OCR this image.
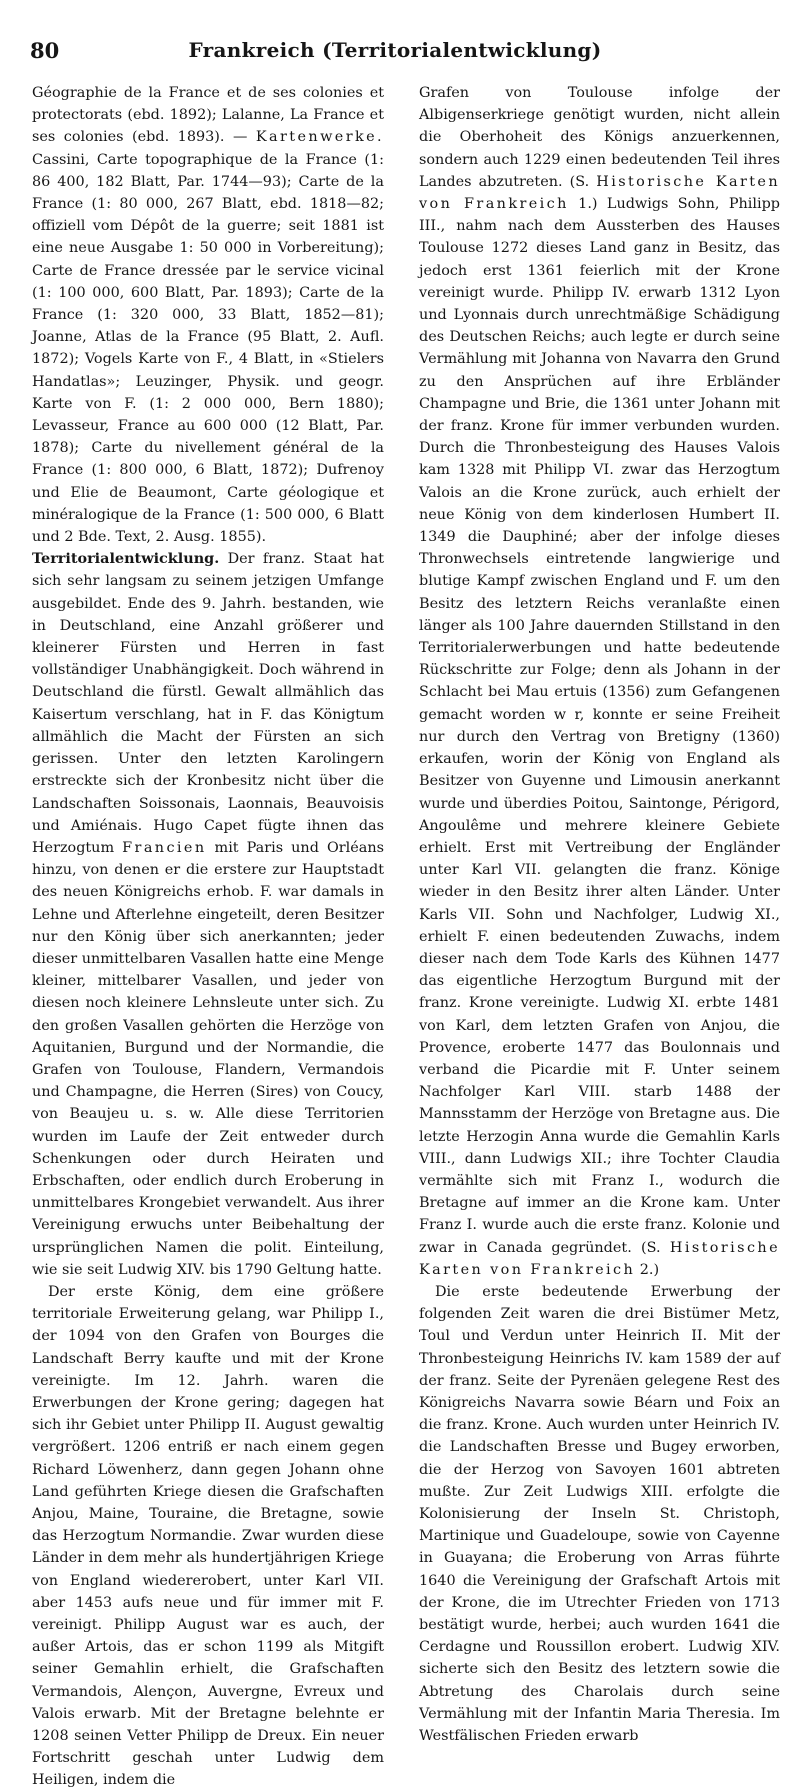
80	Frankreich (Territorialentwicklung)

Géographie de la France et de ses colonies et protectorats (ebd. 1892); Lalanne, La France et ses colonies (ebd. 1893). — Kartenwerke. Cassini, Carte topographique de la France (1: 86 400, 182 Blatt, Par. 1744—93); Carte de la France (1: 80 000, 267 Blatt, ebd. 1818—82; offiziell vom Dépôt de la guerre; seit 1881 ist eine neue Ausgabe 1: 50 000 in Vorbereitung); Carte de France dressée par le service vicinal (1: 100 000, 600 Blatt, Par. 1893); Carte de la France (1: 320 000, 33 Blatt, 1852—81); Joanne, Atlas de la France (95 Blatt, 2. Aufl. 1872); Vogels Karte von F., 4 Blatt, in «Stielers Handatlas»; Leuzinger, Physik. und geogr. Karte von F. (1: 2 000 000, Bern 1880); Levasseur, France au 600 000 (12 Blatt, Par. 1878); Carte du nivellement général de la France (1: 800 000, 6 Blatt, 1872); Dufrenoy und Elie de Beaumont, Carte géologique et minéralogique de la France (1: 500 000, 6 Blatt und 2 Bde. Text, 2. Ausg. 1855).

Territorialentwicklung. Der franz. Staat hat sich sehr langsam zu seinem jetzigen Umfange ausgebildet. Ende des 9. Jahrh. bestanden, wie in Deutschland, eine Anzahl größerer und kleinerer Fürsten und Herren in fast vollständiger Unabhängigkeit. Doch während in Deutschland die fürstl. Gewalt allmählich das Kaisertum verschlang, hat in F. das Königtum allmählich die Macht der Fürsten an sich gerissen. Unter den letzten Karolingern erstreckte sich der Kronbesitz nicht über die Landschaften Soissonais, Laonnais, Beauvoisis und Amiénais. Hugo Capet fügte ihnen das Herzogtum Francien mit Paris und Orléans hinzu, von denen er die erstere zur Hauptstadt des neuen Königreichs erhob. F. war damals in Lehne und Afterlehne eingeteilt, deren Besitzer nur den König über sich anerkannten; jeder dieser unmittelbaren Vasallen hatte eine Menge kleiner, mittelbarer Vasallen, und jeder von diesen noch kleinere Lehnsleute unter sich. Zu den großen Vasallen gehörten die Herzöge von Aquitanien, Burgund und der Normandie, die Grafen von Toulouse, Flandern, Vermandois und Champagne, die Herren (Sires) von Coucy, von Beaujeu u. s. w. Alle diese Territorien wurden im Laufe der Zeit entweder durch Schenkungen oder durch Heiraten und Erbschaften, oder endlich durch Eroberung in unmittelbares Krongebiet verwandelt. Aus ihrer Vereinigung erwuchs unter Beibehaltung der ursprünglichen Namen die polit. Einteilung, wie sie seit Ludwig XIV. bis 1790 Geltung hatte.

Der erste König, dem eine größere territoriale Erweiterung gelang, war Philipp I., der 1094 von den Grafen von Bourges die Landschaft Berry kaufte und mit der Krone vereinigte. Im 12. Jahrh. waren die Erwerbungen der Krone gering; dagegen hat sich ihr Gebiet unter Philipp II. August gewaltig vergrößert. 1206 entriß er nach einem gegen Richard Löwenherz, dann gegen Johann ohne Land geführten Kriege diesen die Grafschaften Anjou, Maine, Touraine, die Bretagne, sowie das Herzogtum Normandie. Zwar wurden diese Länder in dem mehr als hundertjährigen Kriege von England wiedererobert, unter Karl VII. aber 1453 aufs neue und für immer mit F. vereinigt. Philipp August war es auch, der außer Artois, das er schon 1199 als Mitgift seiner Gemahlin erhielt, die Grafschaften Vermandois, Alençon, Auvergne, Evreux und Valois erwarb. Mit der Bretagne belehnte er 1208 seinen Vetter Philipp de Dreux. Ein neuer Fortschritt geschah unter Ludwig dem Heiligen, indem die

Grafen von Toulouse infolge der Albigenserkriege genötigt wurden, nicht allein die Oberhoheit des Königs anzuerkennen, sondern auch 1229 einen bedeutenden Teil ihres Landes abzutreten. (S. Historische Karten von Frankreich 1.) Ludwigs Sohn, Philipp III., nahm nach dem Aussterben des Hauses Toulouse 1272 dieses Land ganz in Besitz, das jedoch erst 1361 feierlich mit der Krone vereinigt wurde. Philipp IV. erwarb 1312 Lyon und Lyonnais durch unrechtmäßige Schädigung des Deutschen Reichs; auch legte er durch seine Vermählung mit Johanna von Navarra den Grund zu den Ansprüchen auf ihre Erbländer Champagne und Brie, die 1361 unter Johann mit der franz. Krone für immer verbunden wurden. Durch die Thronbesteigung des Hauses Valois kam 1328 mit Philipp VI. zwar das Herzogtum Valois an die Krone zurück, auch erhielt der neue König von dem kinderlosen Humbert II. 1349 die Dauphiné; aber der infolge dieses Thronwechsels eintretende langwierige und blutige Kampf zwischen England und F. um den Besitz des letztern Reichs veranlaßte einen länger als 100 Jahre dauernden Stillstand in den Territorialerwerbungen und hatte bedeutende Rückschritte zur Folge; denn als Johann in der Schlacht bei Mau ertuis (1356) zum Gefangenen gemacht worden w r, konnte er seine Freiheit nur durch den Vertrag von Bretigny (1360) erkaufen, worin der König von England als Besitzer von Guyenne und Limousin anerkannt wurde und überdies Poitou, Saintonge, Périgord, Angoulême und mehrere kleinere Gebiete erhielt. Erst mit Vertreibung der Engländer unter Karl VII. gelangten die franz. Könige wieder in den Besitz ihrer alten Länder. Unter Karls VII. Sohn und Nachfolger, Ludwig XI., erhielt F. einen bedeutenden Zuwachs, indem dieser nach dem Tode Karls des Kühnen 1477 das eigentliche Herzogtum Burgund mit der franz. Krone vereinigte. Ludwig XI. erbte 1481 von Karl, dem letzten Grafen von Anjou, die Provence, eroberte 1477 das Boulonnais und verband die Picardie mit F. Unter seinem Nachfolger Karl VIII. starb 1488 der Mannsstamm der Herzöge von Bretagne aus. Die letzte Herzogin Anna wurde die Gemahlin Karls VIII., dann Ludwigs XII.; ihre Tochter Claudia vermählte sich mit Franz I., wodurch die Bretagne auf immer an die Krone kam. Unter Franz I. wurde auch die erste franz. Kolonie und zwar in Canada gegründet. (S. Historische Karten von Frankreich 2.)

Die erste bedeutende Erwerbung der folgenden Zeit waren die drei Bistümer Metz, Toul und Verdun unter Heinrich II. Mit der Thronbesteigung Heinrichs IV. kam 1589 der auf der franz. Seite der Pyrenäen gelegene Rest des Königreichs Navarra sowie Béarn und Foix an die franz. Krone. Auch wurden unter Heinrich IV. die Landschaften Bresse und Bugey erworben, die der Herzog von Savoyen 1601 abtreten mußte. Zur Zeit Ludwigs XIII. erfolgte die Kolonisierung der Inseln St. Christoph, Martinique und Guadeloupe, sowie von Cayenne in Guayana; die Eroberung von Arras führte 1640 die Vereinigung der Grafschaft Artois mit der Krone, die im Utrechter Frieden von 1713 bestätigt wurde, herbei; auch wurden 1641 die Cerdagne und Roussillon erobert. Ludwig XIV. sicherte sich den Besitz des letztern sowie die Abtretung des Charolais durch seine Vermählung mit der Infantin Maria Theresia. Im Westfälischen Frieden erwarb
